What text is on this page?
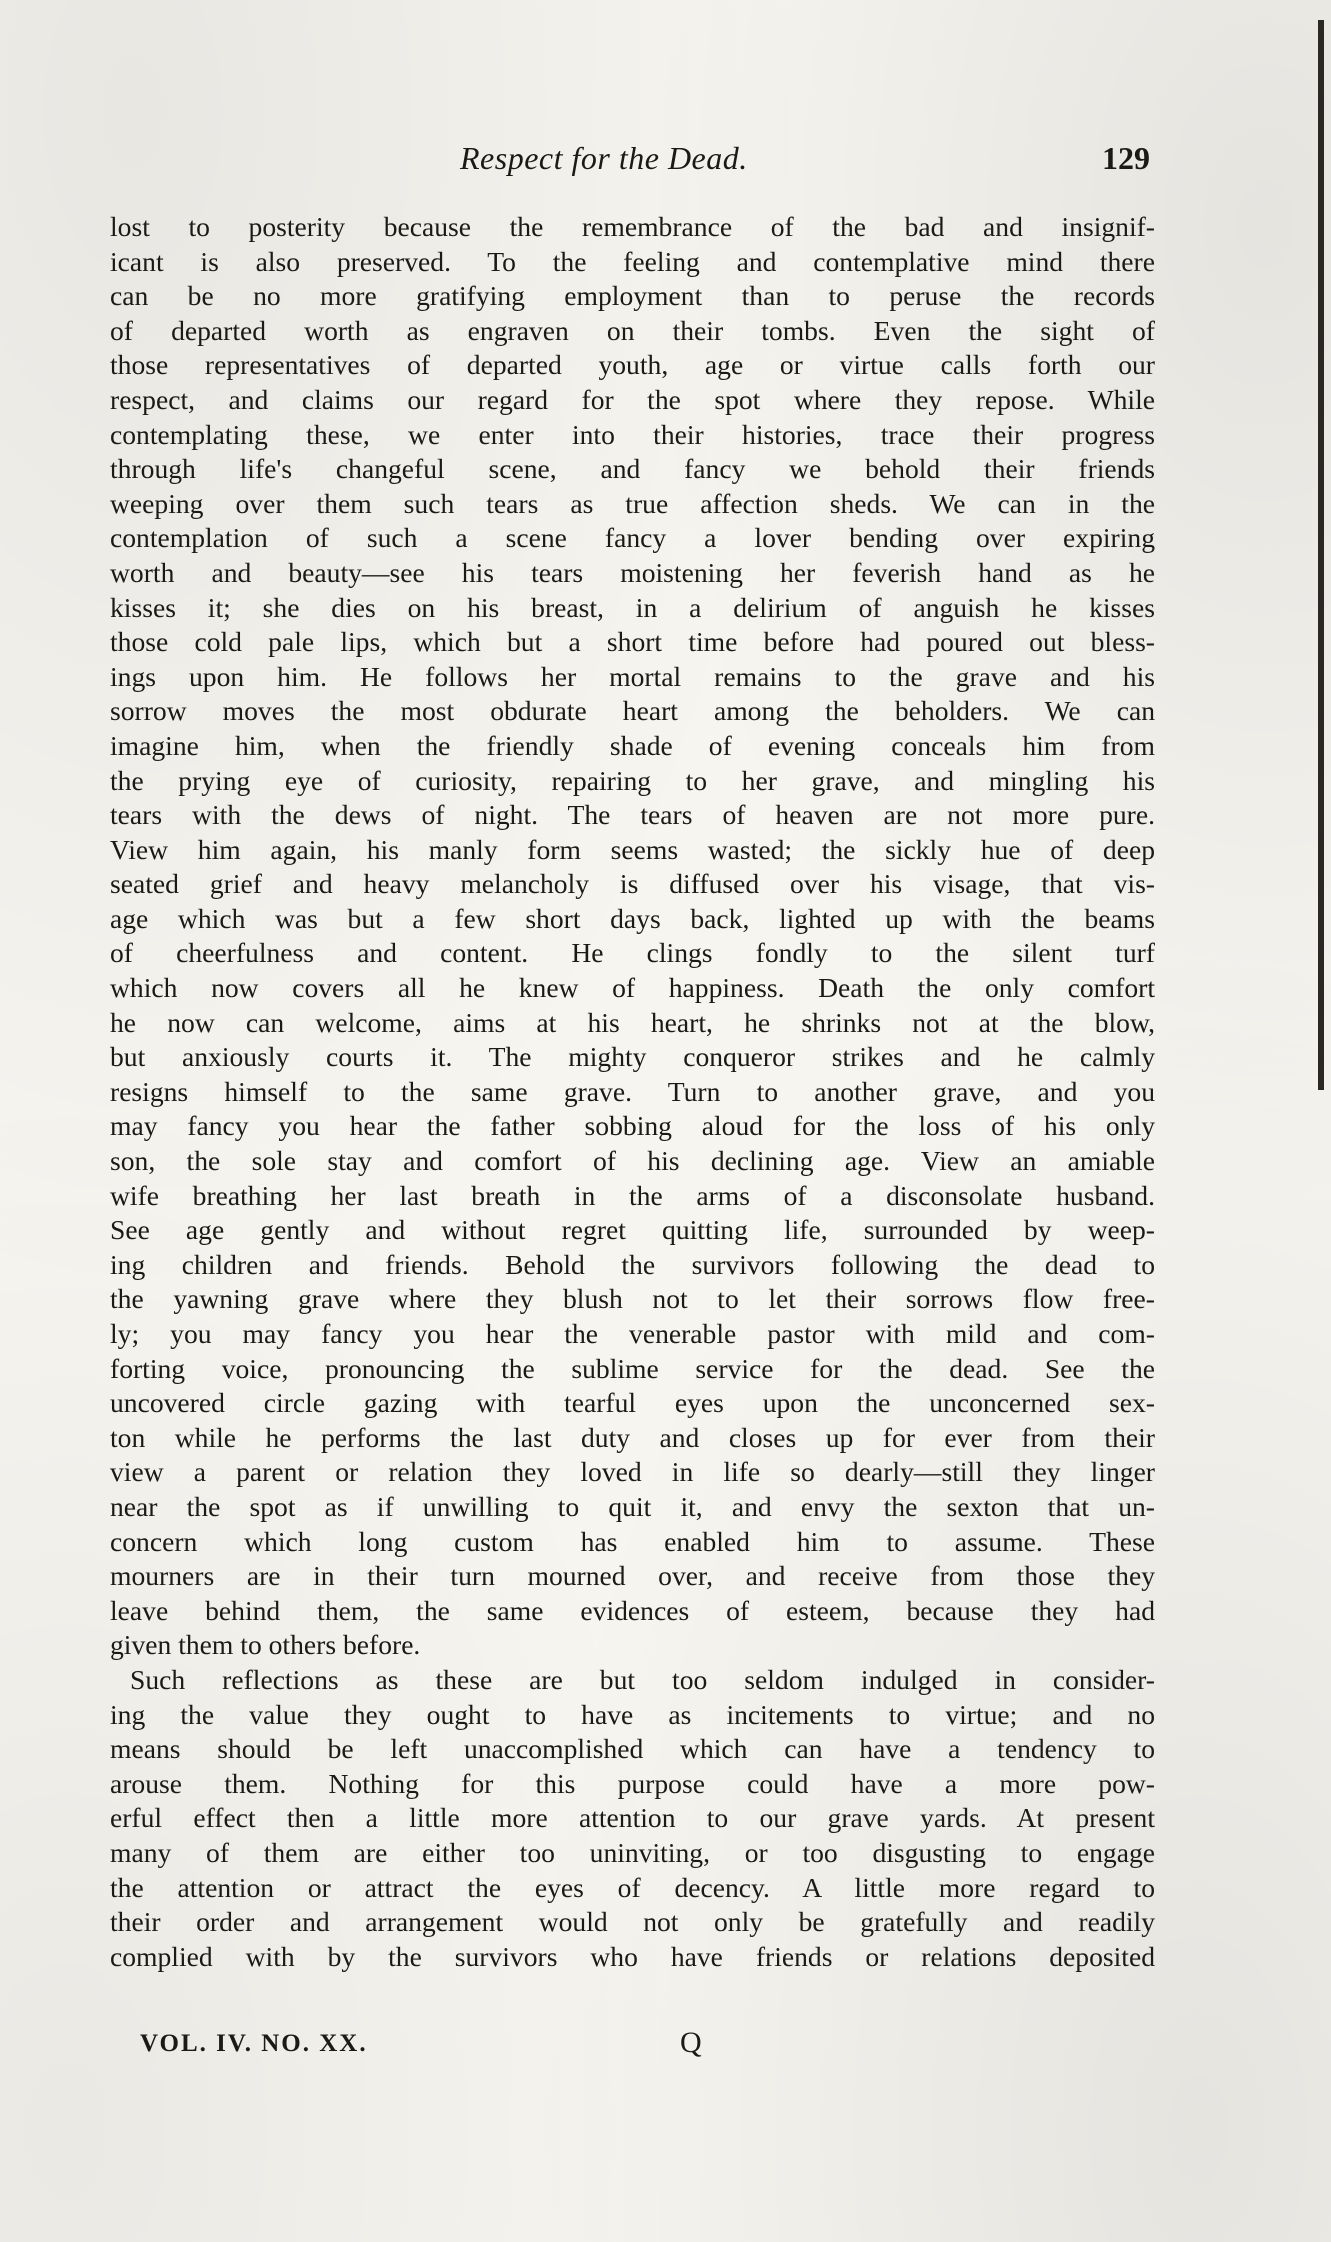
Respect for the Dead.	129
lost to posterity because the remembrance of the bad and insignif-
icant is also preserved. To the feeling and contemplative mind there
can be no more gratifying employment than to peruse the records
of departed worth as engraven on their tombs. Even the sight of
those representatives of departed youth, age or virtue calls forth our
respect, and claims our regard for the spot where they repose. While
contemplating these, we enter into their histories, trace their progress
through life's changeful scene, and fancy we behold their friends
weeping over them such tears as true affection sheds. We can in the
contemplation of such a scene fancy a lover bending over expiring
worth and beauty—see his tears moistening her feverish hand as he
kisses it; she dies on his breast, in a delirium of anguish he kisses
those cold pale lips, which but a short time before had poured out bless-
ings upon him. He follows her mortal remains to the grave and his
sorrow moves the most obdurate heart among the beholders. We can
imagine him, when the friendly shade of evening conceals him from
the prying eye of curiosity, repairing to her grave, and mingling his
tears with the dews of night. The tears of heaven are not more pure.
View him again, his manly form seems wasted; the sickly hue of deep
seated grief and heavy melancholy is diffused over his visage, that vis-
age which was but a few short days back, lighted up with the beams
of cheerfulness and content. He clings fondly to the silent turf
which now covers all he knew of happiness. Death the only comfort
he now can welcome, aims at his heart, he shrinks not at the blow,
but anxiously courts it. The mighty conqueror strikes and he calmly
resigns himself to the same grave. Turn to another grave, and you
may fancy you hear the father sobbing aloud for the loss of his only
son, the sole stay and comfort of his declining age. View an amiable
wife breathing her last breath in the arms of a disconsolate husband.
See age gently and without regret quitting life, surrounded by weep-
ing children and friends. Behold the survivors following the dead to
the yawning grave where they blush not to let their sorrows flow free-
ly; you may fancy you hear the venerable pastor with mild and com-
forting voice, pronouncing the sublime service for the dead. See the
uncovered circle gazing with tearful eyes upon the unconcerned sex-
ton while he performs the last duty and closes up for ever from their
view a parent or relation they loved in life so dearly—still they linger
near the spot as if unwilling to quit it, and envy the sexton that un-
concern which long custom has enabled him to assume. These
mourners are in their turn mourned over, and receive from those they
leave behind them, the same evidences of esteem, because they had
given them to others before.
Such reflections as these are but too seldom indulged in consider-
ing the value they ought to have as incitements to virtue; and no
means should be left unaccomplished which can have a tendency to
arouse them. Nothing for this purpose could have a more pow-
erful effect then a little more attention to our grave yards. At present
many of them are either too uninviting, or too disgusting to engage
the attention or attract the eyes of decency. A little more regard to
their order and arrangement would not only be gratefully and readily
complied with by the survivors who have friends or relations deposited
VOL. IV. NO. XX.	Q
